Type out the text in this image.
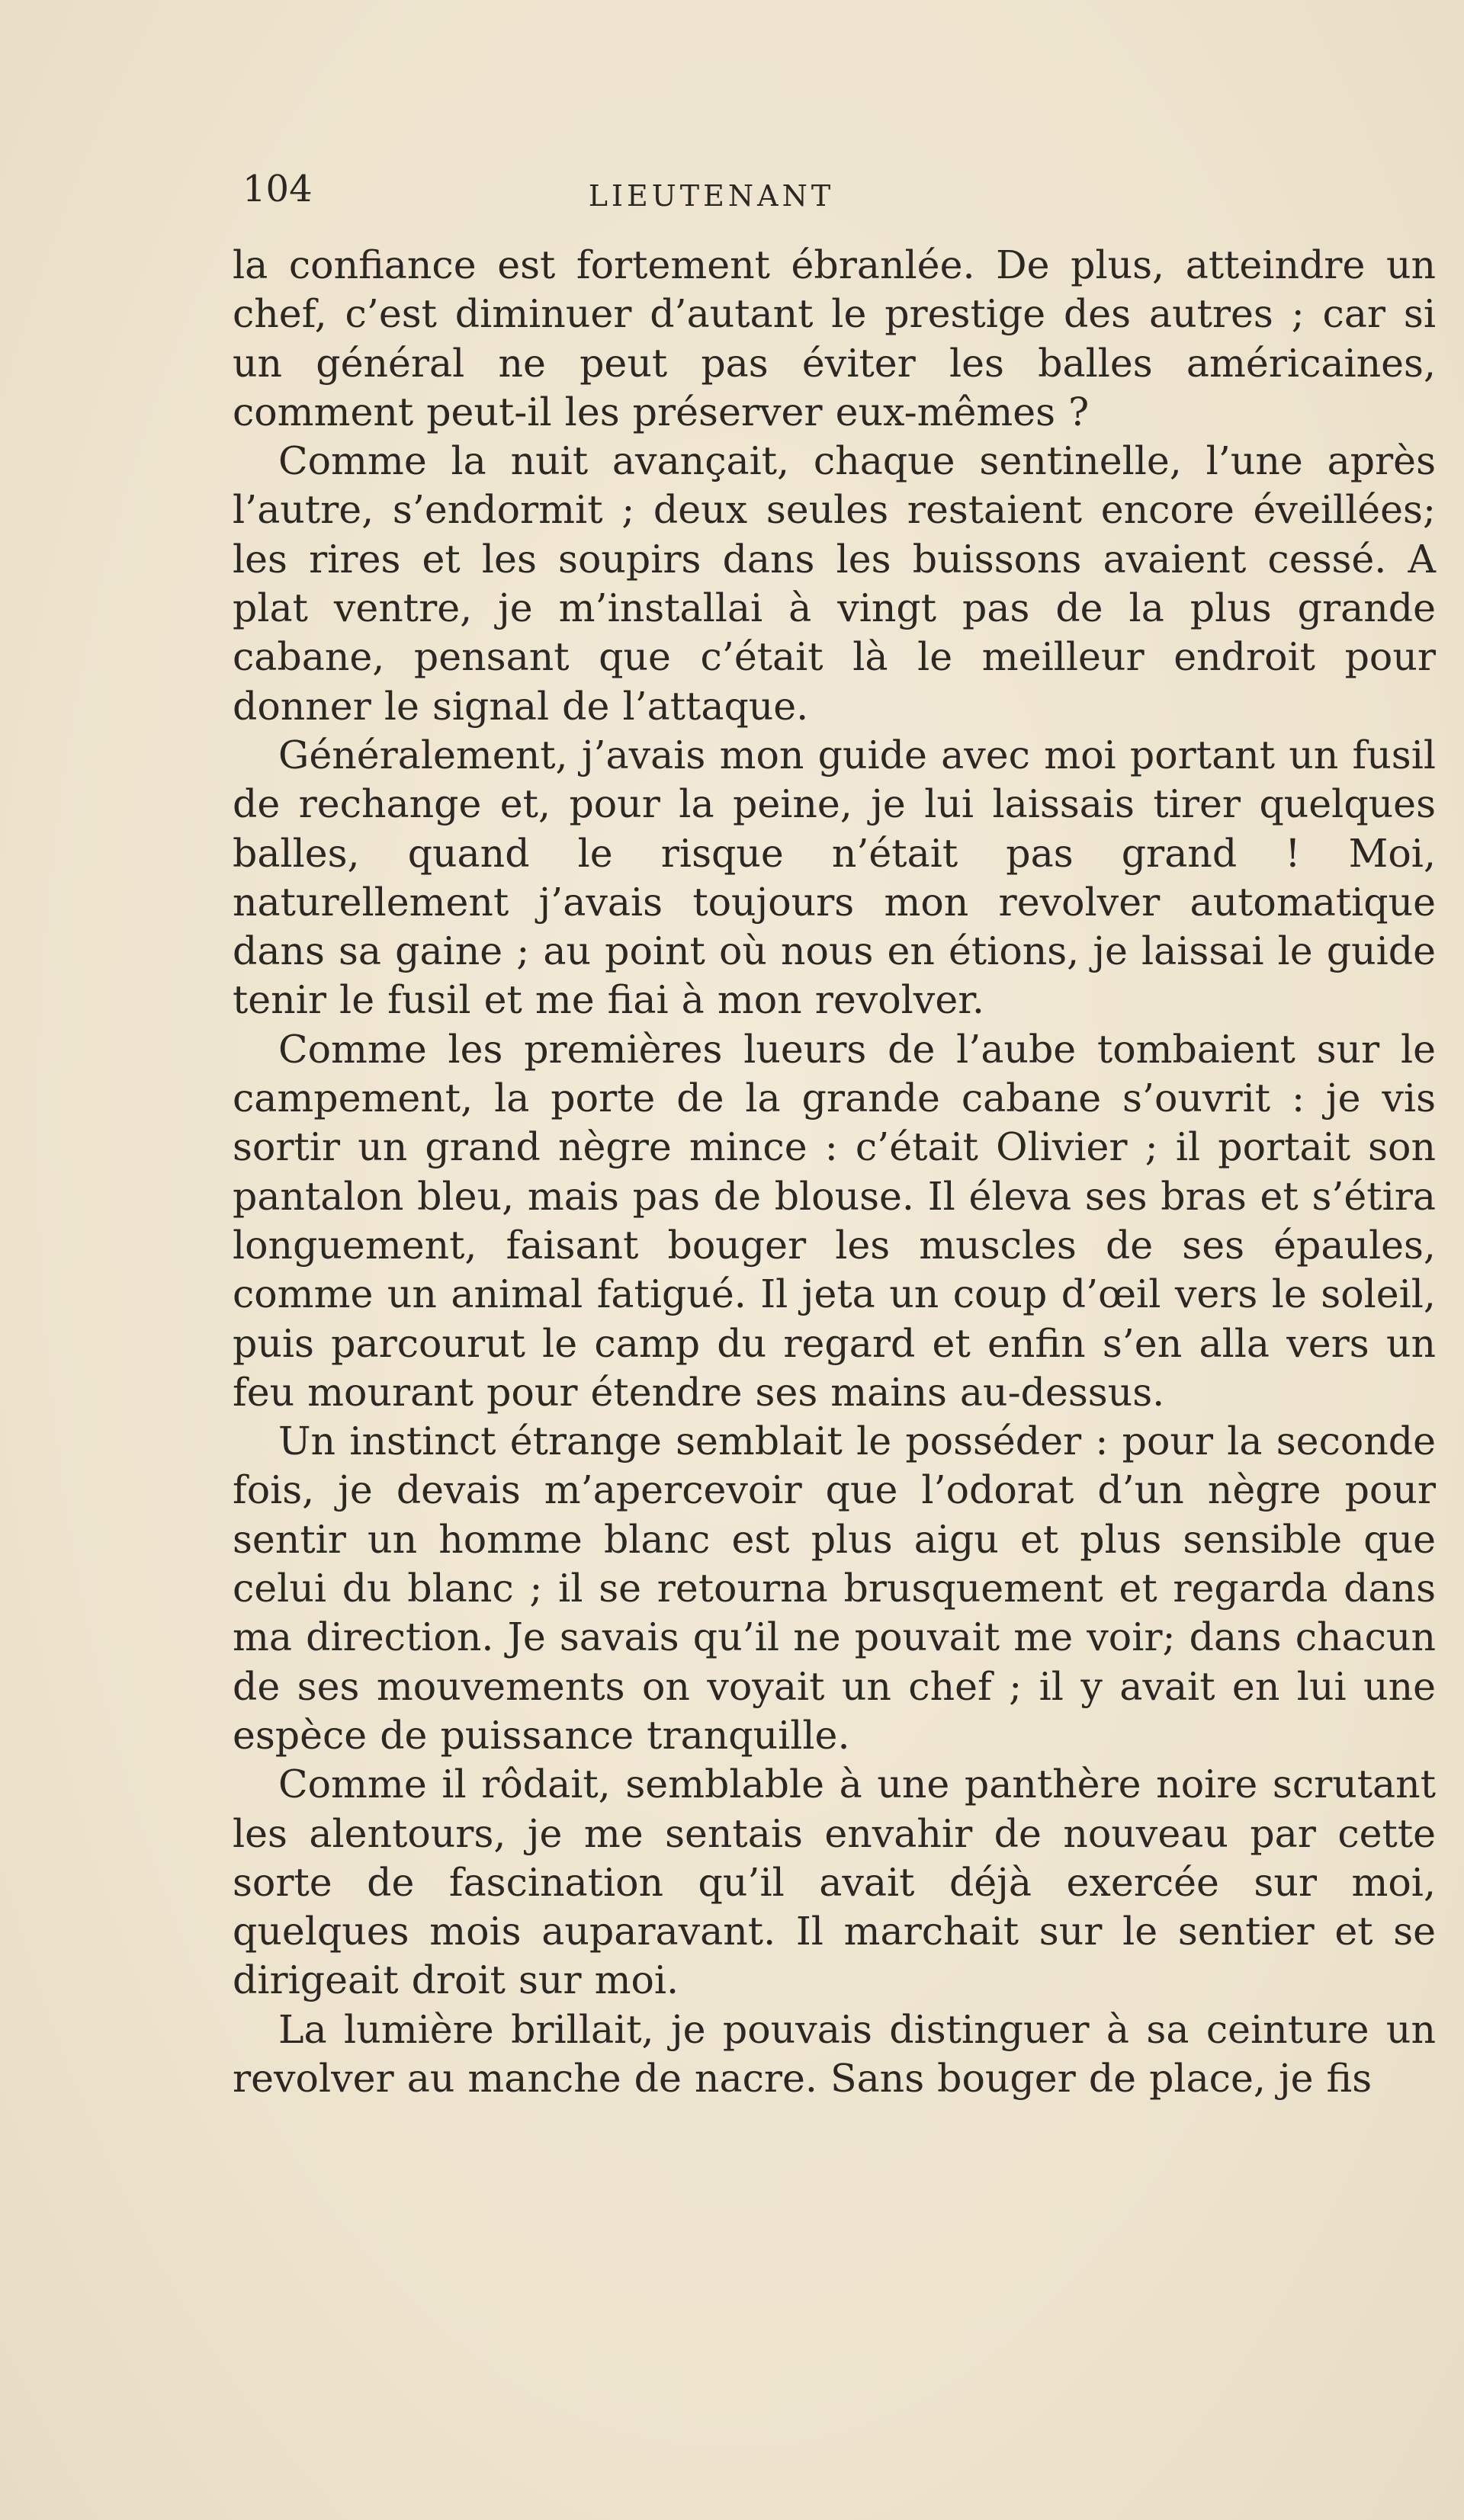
104	LIEUTENANT

la confiance est fortement ébranlée. De plus, atteindre un chef, c’est diminuer d’autant le prestige des autres ; car si un général ne peut pas éviter les balles américaines, comment peut-il les préserver eux-mêmes ?

Comme la nuit avançait, chaque sentinelle, l’une après l’autre, s’endormit ; deux seules restaient encore éveillées; les rires et les soupirs dans les buissons avaient cessé. A plat ventre, je m’installai à vingt pas de la plus grande cabane, pensant que c’était là le meilleur endroit pour donner le signal de l’attaque.

Généralement, j’avais mon guide avec moi portant un fusil de rechange et, pour la peine, je lui laissais tirer quelques balles, quand le risque n’était pas grand ! Moi, naturellement j’avais toujours mon revolver automatique dans sa gaine ; au point où nous en étions, je laissai le guide tenir le fusil et me fiai à mon revolver.

Comme les premières lueurs de l’aube tombaient sur le campement, la porte de la grande cabane s’ouvrit : je vis sortir un grand nègre mince : c’était Olivier ; il portait son pantalon bleu, mais pas de blouse. Il éleva ses bras et s’étira longuement, faisant bouger les muscles de ses épaules, comme un animal fatigué. Il jeta un coup d’œil vers le soleil, puis parcourut le camp du regard et enfin s’en alla vers un feu mourant pour étendre ses mains au-dessus.

Un instinct étrange semblait le posséder : pour la seconde fois, je devais m’apercevoir que l’odorat d’un nègre pour sentir un homme blanc est plus aigu et plus sensible que celui du blanc ; il se retourna brusquement et regarda dans ma direction. Je savais qu’il ne pouvait me voir; dans chacun de ses mouvements on voyait un chef ; il y avait en lui une espèce de puissance tranquille.

Comme il rôdait, semblable à une panthère noire scrutant les alentours, je me sentais envahir de nouveau par cette sorte de fascination qu’il avait déjà exercée sur moi, quelques mois auparavant. Il marchait sur le sentier et se dirigeait droit sur moi.

La lumière brillait, je pouvais distinguer à sa ceinture un revolver au manche de nacre. Sans bouger de place, je fis
